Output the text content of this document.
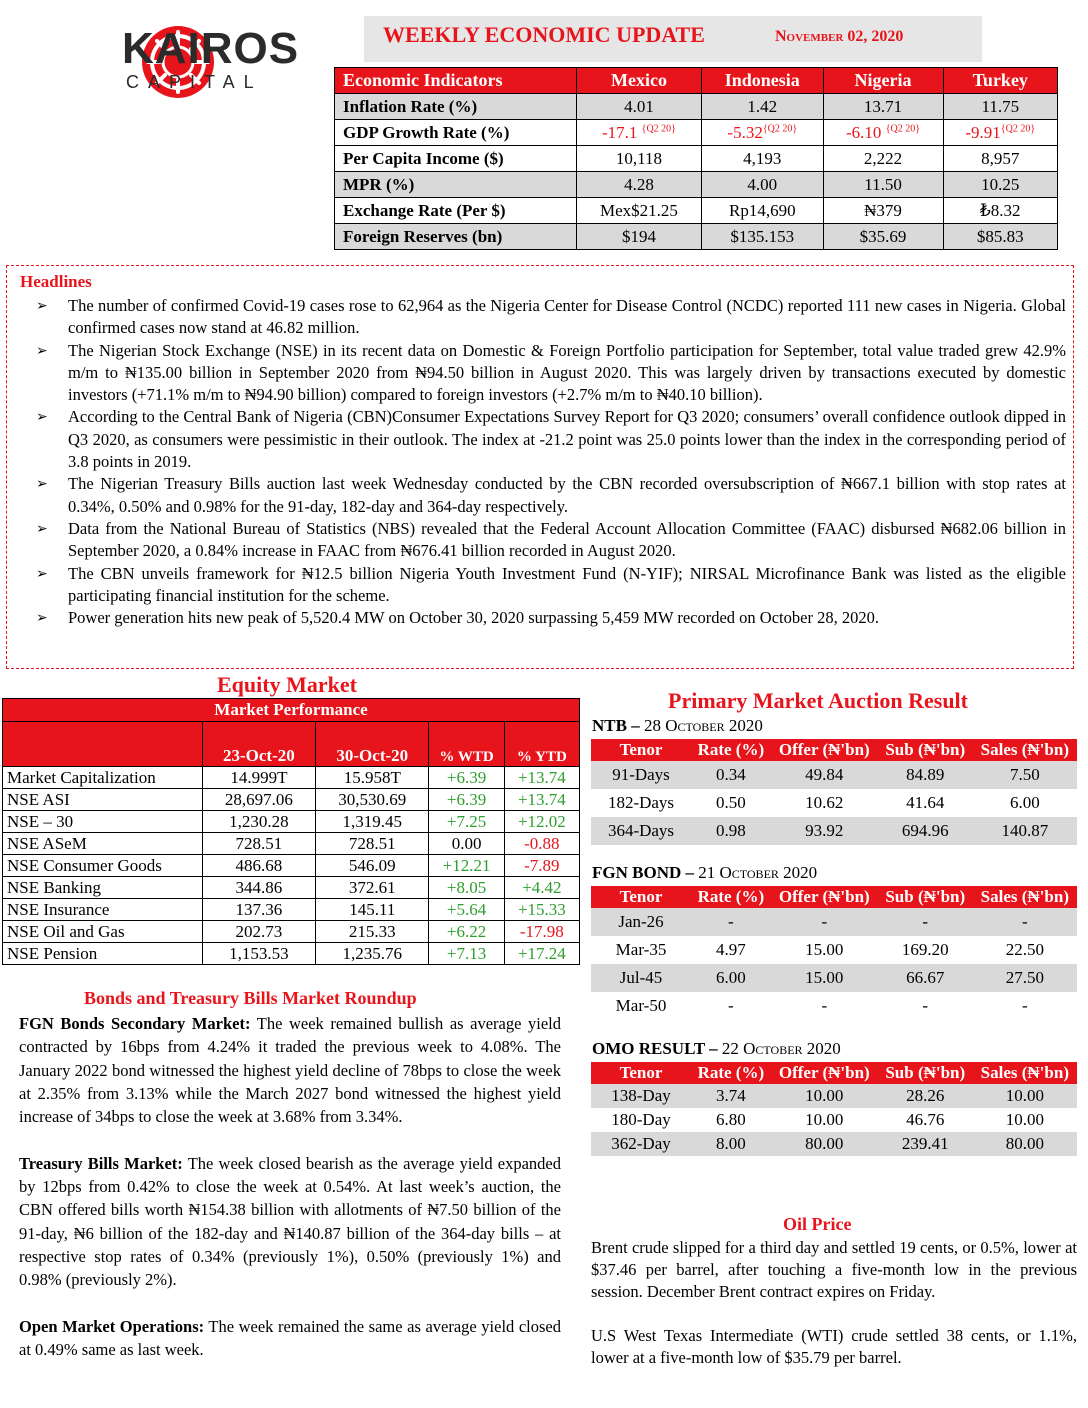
KAIROS
CAPITAL
WEEKLY ECONOMIC UPDATE	November 02, 2020
Economic Indicators	Mexico	Indonesia	Nigeria	Turkey
Inflation Rate (%)	4.01	1.42	13.71	11.75
GDP Growth Rate (%)	-17.1 $^{\{Q2 20\}}$	$-5.32^{\{Q2 20\}}$	-6.10 $^{\{Q2 20\}}$	$-9.91^{\{Q2 20\}}$
Per Capita Income ($)	10,118	4,193	2,222	8,957
MPR (%)	4.28	4.00	11.50	10.25
Exchange Rate (Per $)	Mex$21.25	Rp14,690	₦379	₺8.32
Foreign Reserves (bn)	$194	$135.153	$35.69	$85.83
Headlines
➢ The number of confirmed Covid-19 cases rose to 62,964 as the Nigeria Center for Disease Control (NCDC) reported 111 new cases in Nigeria. Global confirmed cases now stand at 46.82 million.
➢ The Nigerian Stock Exchange (NSE) in its recent data on Domestic & Foreign Portfolio participation for September, total value traded grew 42.9% m/m to ₦135.00 billion in September 2020 from ₦94.50 billion in August 2020. This was largely driven by transactions executed by domestic investors (+71.1% m/m to ₦94.90 billion) compared to foreign investors (+2.7% m/m to ₦40.10 billion).
➢ According to the Central Bank of Nigeria (CBN)Consumer Expectations Survey Report for Q3 2020; consumers’ overall confidence outlook dipped in Q3 2020, as consumers were pessimistic in their outlook. The index at -21.2 point was 25.0 points lower than the index in the corresponding period of 3.8 points in 2019.
➢ The Nigerian Treasury Bills auction last week Wednesday conducted by the CBN recorded oversubscription of ₦667.1 billion with stop rates at 0.34%, 0.50% and 0.98% for the 91-day, 182-day and 364-day respectively.
➢ Data from the National Bureau of Statistics (NBS) revealed that the Federal Account Allocation Committee (FAAC) disbursed ₦682.06 billion in September 2020, a 0.84% increase in FAAC from ₦676.41 billion recorded in August 2020.
➢ The CBN unveils framework for ₦12.5 billion Nigeria Youth Investment Fund (N-YIF); NIRSAL Microfinance Bank was listed as the eligible participating financial institution for the scheme.
➢ Power generation hits new peak of 5,520.4 MW on October 30, 2020 surpassing 5,459 MW recorded on October 28, 2020.
Equity Market
Market Performance				
	23-Oct-20	30-Oct-20	% WTD	% YTD
Market Capitalization	14.999T	15.958T	+6.39	+13.74
NSE ASI	28,697.06	30,530.69	+6.39	+13.74
NSE – 30	1,230.28	1,319.45	+7.25	+12.02
NSE ASeM	728.51	728.51	0.00	-0.88
NSE Consumer Goods	486.68	546.09	+12.21	-7.89
NSE Banking	344.86	372.61	+8.05	+4.42
NSE Insurance	137.36	145.11	+5.64	+15.33
NSE Oil and Gas	202.73	215.33	+6.22	-17.98
NSE Pension	1,153.53	1,235.76	+7.13	+17.24
Bonds and Treasury Bills Market Roundup

FGN Bonds Secondary Market: The week remained bullish as average yield contracted by 16bps from 4.24% it traded the previous week to 4.08%. The January 2022 bond witnessed the highest yield decline of 78bps to close the week at 2.35% from 3.13% while the March 2027 bond witnessed the highest yield increase of 34bps to close the week at 3.68% from 3.34%.

Treasury Bills Market: The week closed bearish as the average yield expanded by 12bps from 0.42% to close the week at 0.54%. At last week’s auction, the CBN offered bills worth ₦154.38 billion with allotments of ₦7.50 billion of the 91-day, ₦6 billion of the 182-day and ₦140.87 billion of the 364-day bills – at respective stop rates of 0.34% (previously 1%), 0.50% (previously 1%) and 0.98% (previously 2%).

Open Market Operations: The week remained the same as average yield closed at 0.49% same as last week.

Primary Market Auction Result
NTB – 28 October 2020
Tenor	Rate (%)	Offer (₦'bn)	Sub (₦'bn)	Sales (₦'bn)
91-Days	0.34	49.84	84.89	7.50
182-Days	0.50	10.62	41.64	6.00
364-Days	0.98	93.92	694.96	140.87
FGN BOND – 21 October 2020
Tenor	Rate (%)	Offer (₦'bn)	Sub (₦'bn)	Sales (₦'bn)
Jan-26	-	-	-	-
Mar-35	4.97	15.00	169.20	22.50
Jul-45	6.00	15.00	66.67	27.50
Mar-50	-	-	-	-
OMO RESULT – 22 October 2020
Tenor	Rate (%)	Offer (₦'bn)	Sub (₦'bn)	Sales (₦'bn)
138-Day	3.74	10.00	28.26	10.00
180-Day	6.80	10.00	46.76	10.00
362-Day	8.00	80.00	239.41	80.00
Oil Price

Brent crude slipped for a third day and settled 19 cents, or 0.5%, lower at $37.46 per barrel, after touching a five-month low in the previous session. December Brent contract expires on Friday.

U.S West Texas Intermediate (WTI) crude settled 38 cents, or 1.1%, lower at a five-month low of $35.79 per barrel.
